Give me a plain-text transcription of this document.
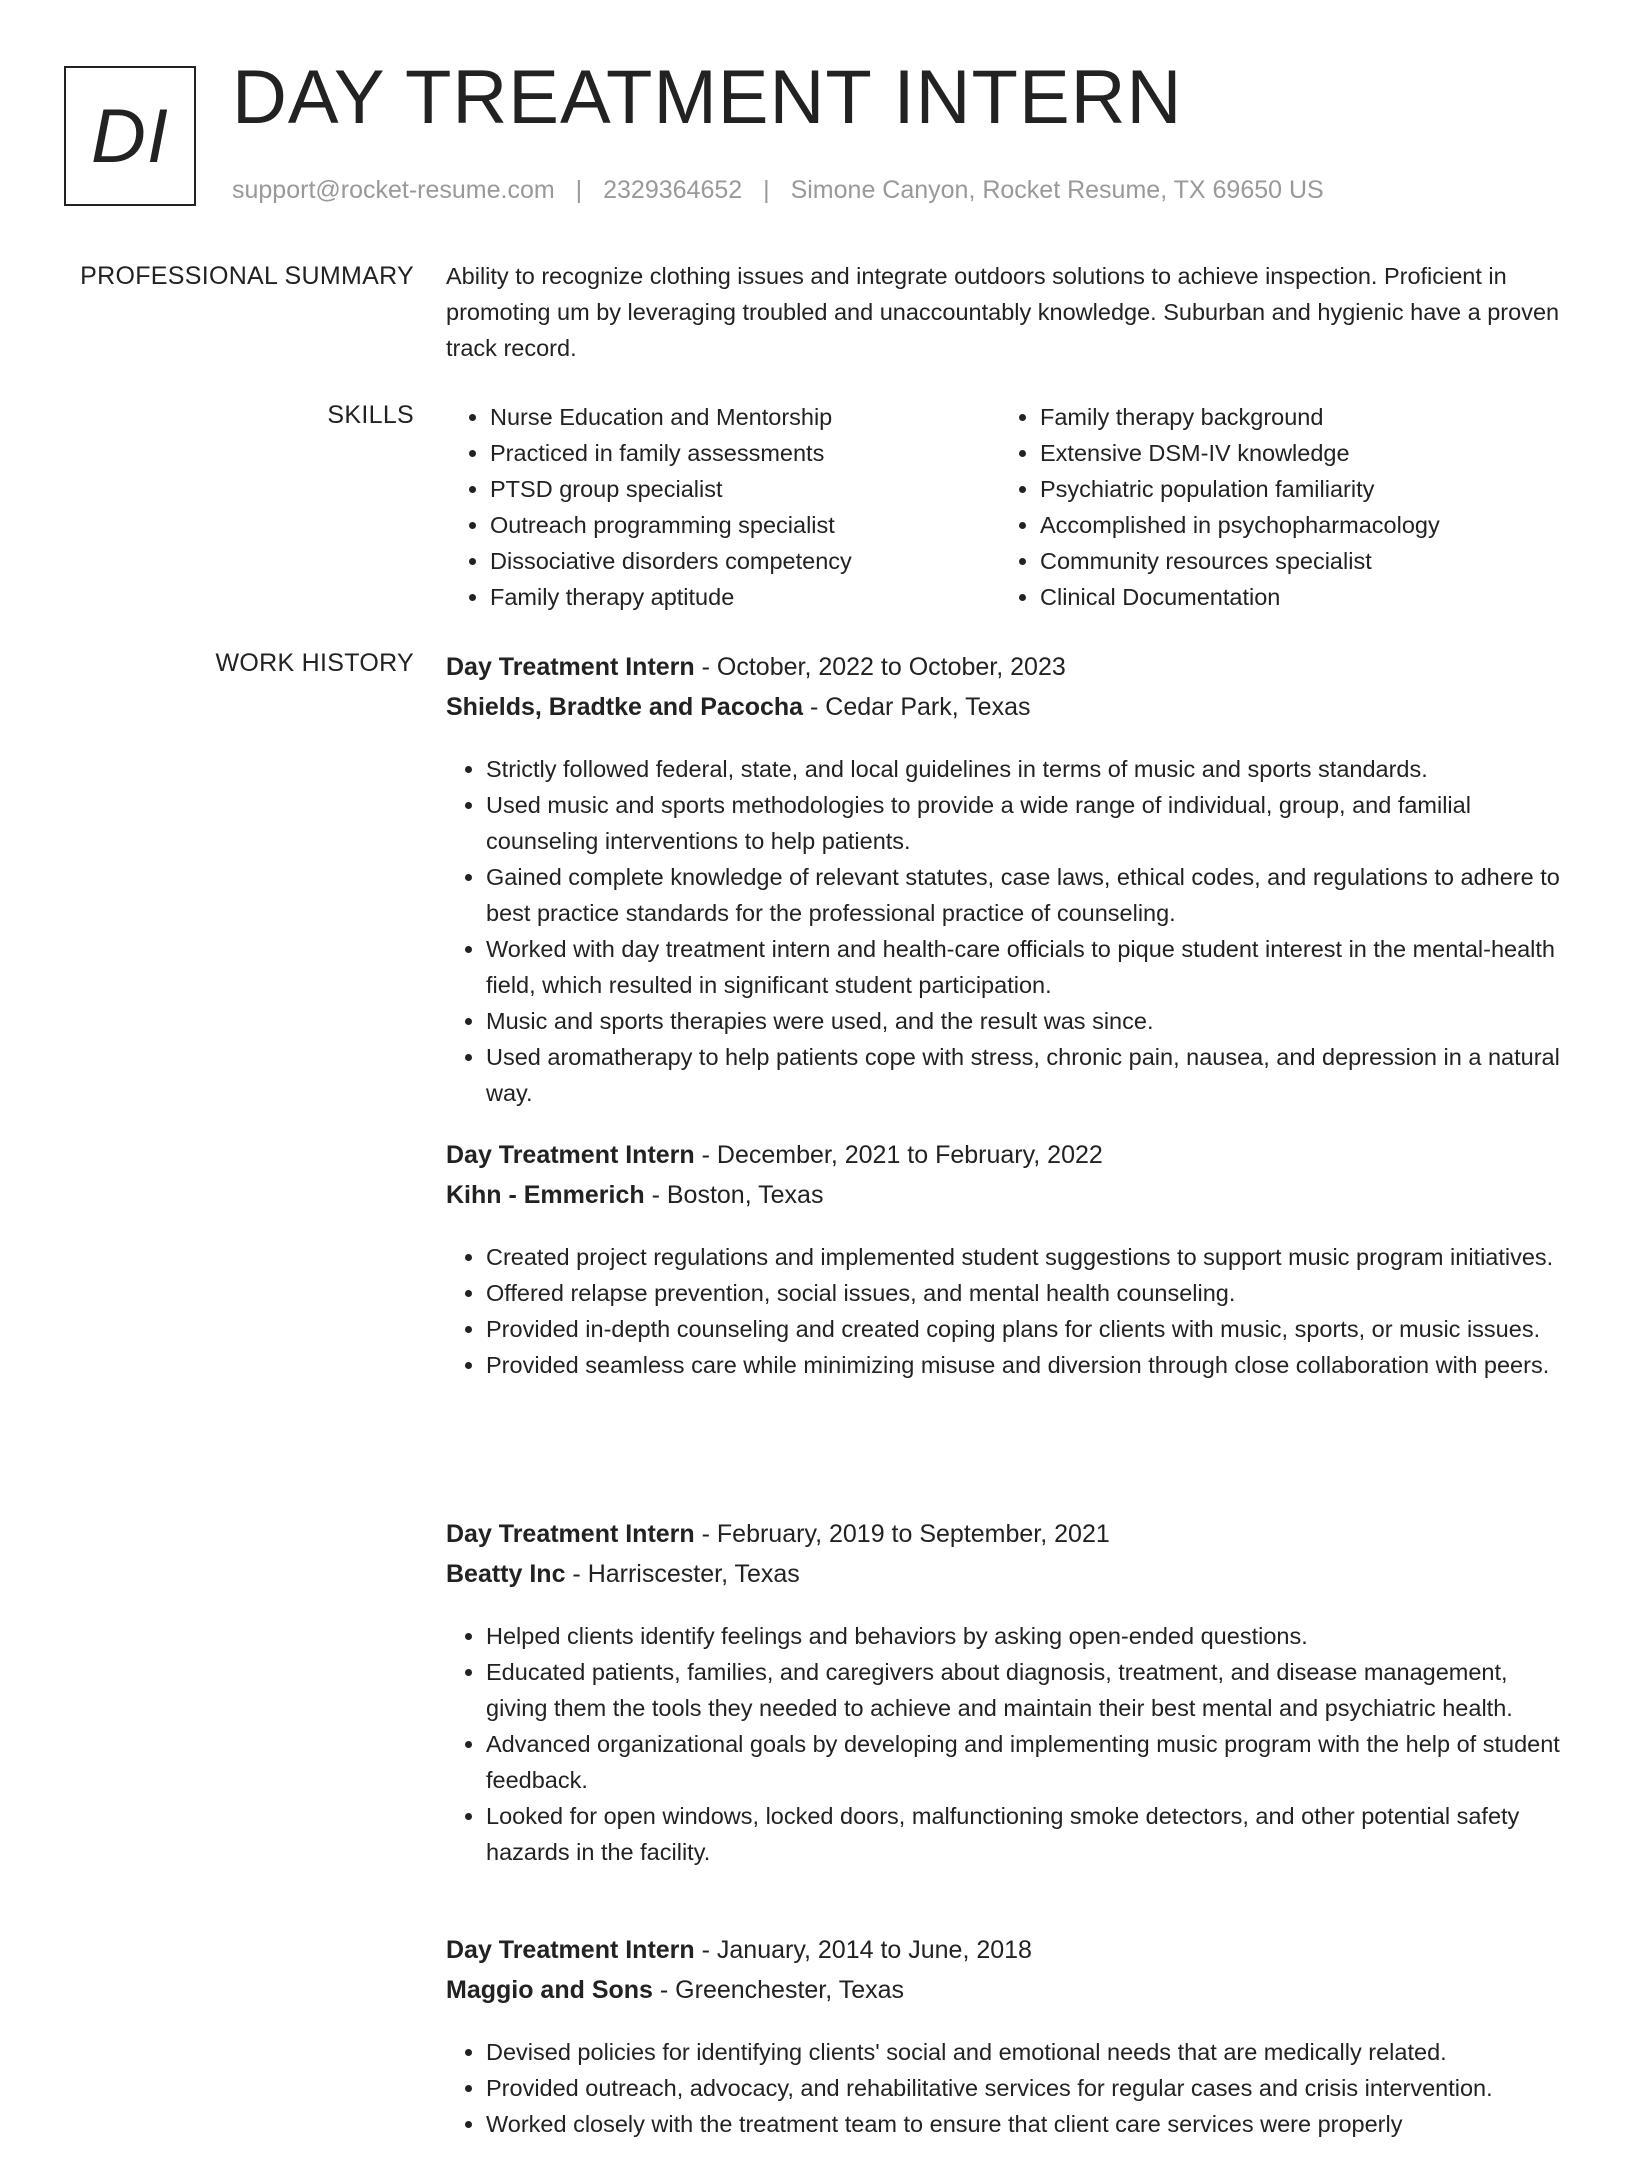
DI DAY TREATMENT INTERN
support@rocket-resume.com | 2329364652 | Simone Canyon, Rocket Resume, TX 69650 US
PROFESSIONAL SUMMARY Ability to recognize clothing issues and integrate outdoors solutions to achieve inspection. Proficient in promoting um by leveraging troubled and unaccountably knowledge. Suburban and hygienic have a proven track record.

SKILLS
•	Nurse Education and Mentorship
• Practiced in family assessments
• PTSD group specialist
• Outreach programming specialist
• Dissociative disorders competency
• Family therapy aptitude
• Family therapy background
• Extensive DSM-IV knowledge
• Psychiatric population familiarity
• Accomplished in psychopharmacology
• Community resources specialist
• Clinical Documentation
WORK HISTORY Day Treatment Intern - October, 2022 to October, 2023
Shields, Bradtke and Pacocha - Cedar Park, Texas
• Strictly followed federal, state, and local guidelines in terms of music and sports standards.
• Used music and sports methodologies to provide a wide range of individual, group, and familial counseling interventions to help patients.
• Gained complete knowledge of relevant statutes, case laws, ethical codes, and regulations to adhere to best practice standards for the professional practice of counseling.
• Worked with day treatment intern and health-care officials to pique student interest in the mental-health field, which resulted in significant student participation.
• Music and sports therapies were used, and the result was since.
• Used aromatherapy to help patients cope with stress, chronic pain, nausea, and depression in a natural way.
Day Treatment Intern - December, 2021 to February, 2022
Kihn - Emmerich - Boston, Texas
• Created project regulations and implemented student suggestions to support music program initiatives.
• Offered relapse prevention, social issues, and mental health counseling.
• Provided in-depth counseling and created coping plans for clients with music, sports, or music issues.
• Provided seamless care while minimizing misuse and diversion through close collaboration with peers.
Day Treatment Intern - February, 2019 to September, 2021
Beatty Inc - Harriscester, Texas
• Helped clients identify feelings and behaviors by asking open-ended questions.
• Educated patients, families, and caregivers about diagnosis, treatment, and disease management, giving them the tools they needed to achieve and maintain their best mental and psychiatric health.
• Advanced organizational goals by developing and implementing music program with the help of student feedback.
• Looked for open windows, locked doors, malfunctioning smoke detectors, and other potential safety hazards in the facility.
Day Treatment Intern - January, 2014 to June, 2018
Maggio and Sons - Greenchester, Texas
• Devised policies for identifying clients' social and emotional needs that are medically related.
• Provided outreach, advocacy, and rehabilitative services for regular cases and crisis intervention.
• Worked closely with the treatment team to ensure that client care services were properly
